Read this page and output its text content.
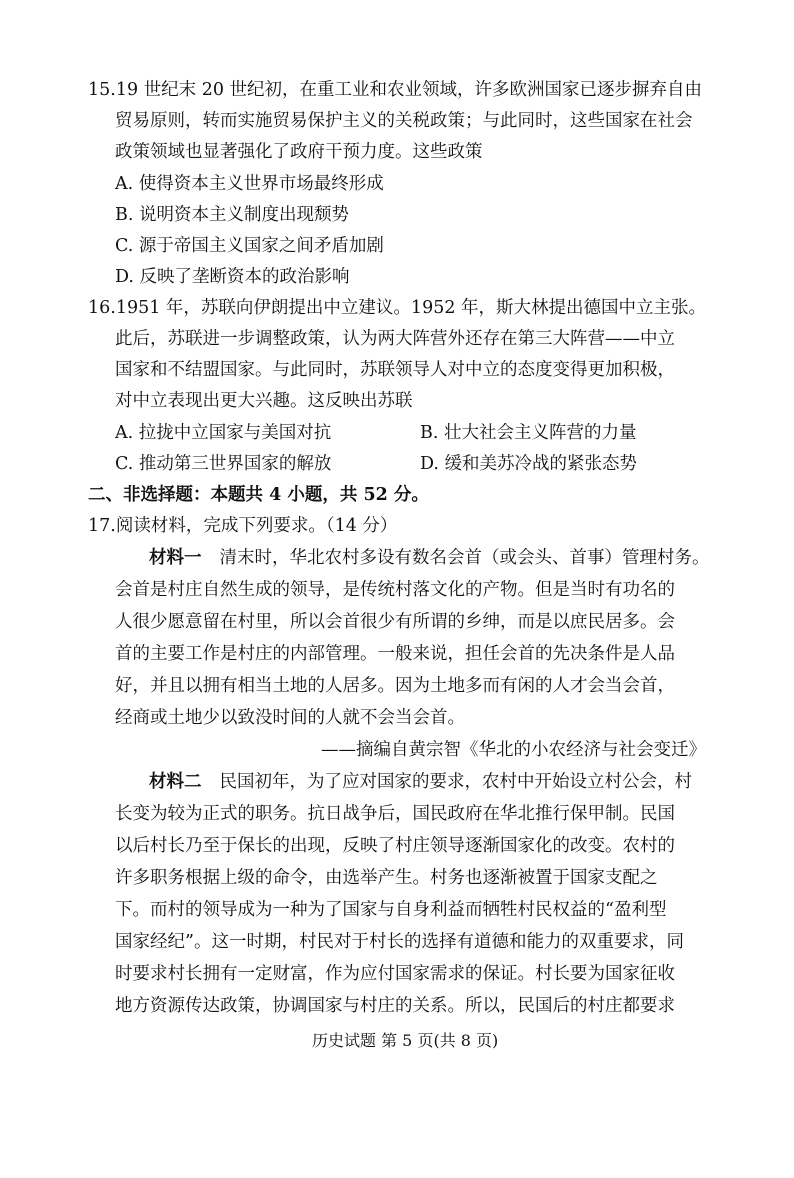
15.19 世纪末 20 世纪初，在重工业和农业领域，许多欧洲国家已逐步摒弃自由
贸易原则，转而实施贸易保护主义的关税政策；与此同时，这些国家在社会
政策领域也显著强化了政府干预力度。这些政策
A. 使得资本主义世界市场最终形成
B. 说明资本主义制度出现颓势
C. 源于帝国主义国家之间矛盾加剧
D. 反映了垄断资本的政治影响
16.1951 年，苏联向伊朗提出中立建议。1952 年，斯大林提出德国中立主张。
此后，苏联进一步调整政策，认为两大阵营外还存在第三大阵营——中立
国家和不结盟国家。与此同时，苏联领导人对中立的态度变得更加积极，
对中立表现出更大兴趣。这反映出苏联
A. 拉拢中立国家与美国对抗	B. 壮大社会主义阵营的力量
C. 推动第三世界国家的解放	D. 缓和美苏冷战的紧张态势
二、非选择题：本题共 4 小题，共 52 分。
17.阅读材料，完成下列要求。（14 分）
材料一 清末时，华北农村多设有数名会首（或会头、首事）管理村务。
会首是村庄自然生成的领导，是传统村落文化的产物。但是当时有功名的
人很少愿意留在村里，所以会首很少有所谓的乡绅，而是以庶民居多。会
首的主要工作是村庄的内部管理。一般来说，担任会首的先决条件是人品
好，并且以拥有相当土地的人居多。因为土地多而有闲的人才会当会首，
经商或土地少以致没时间的人就不会当会首。
——摘编自黄宗智《华北的小农经济与社会变迁》
材料二 民国初年，为了应对国家的要求，农村中开始设立村公会，村
长变为较为正式的职务。抗日战争后，国民政府在华北推行保甲制。民国
以后村长乃至于保长的出现，反映了村庄领导逐渐国家化的改变。农村的
许多职务根据上级的命令，由选举产生。村务也逐渐被置于国家支配之
下。而村的领导成为一种为了国家与自身利益而牺牲村民权益的“盈利型
国家经纪”。这一时期，村民对于村长的选择有道德和能力的双重要求，同
时要求村长拥有一定财富，作为应付国家需求的保证。村长要为国家征收
地方资源传达政策，协调国家与村庄的关系。所以，民国后的村庄都要求
历史试题 第 5 页(共 8 页)
